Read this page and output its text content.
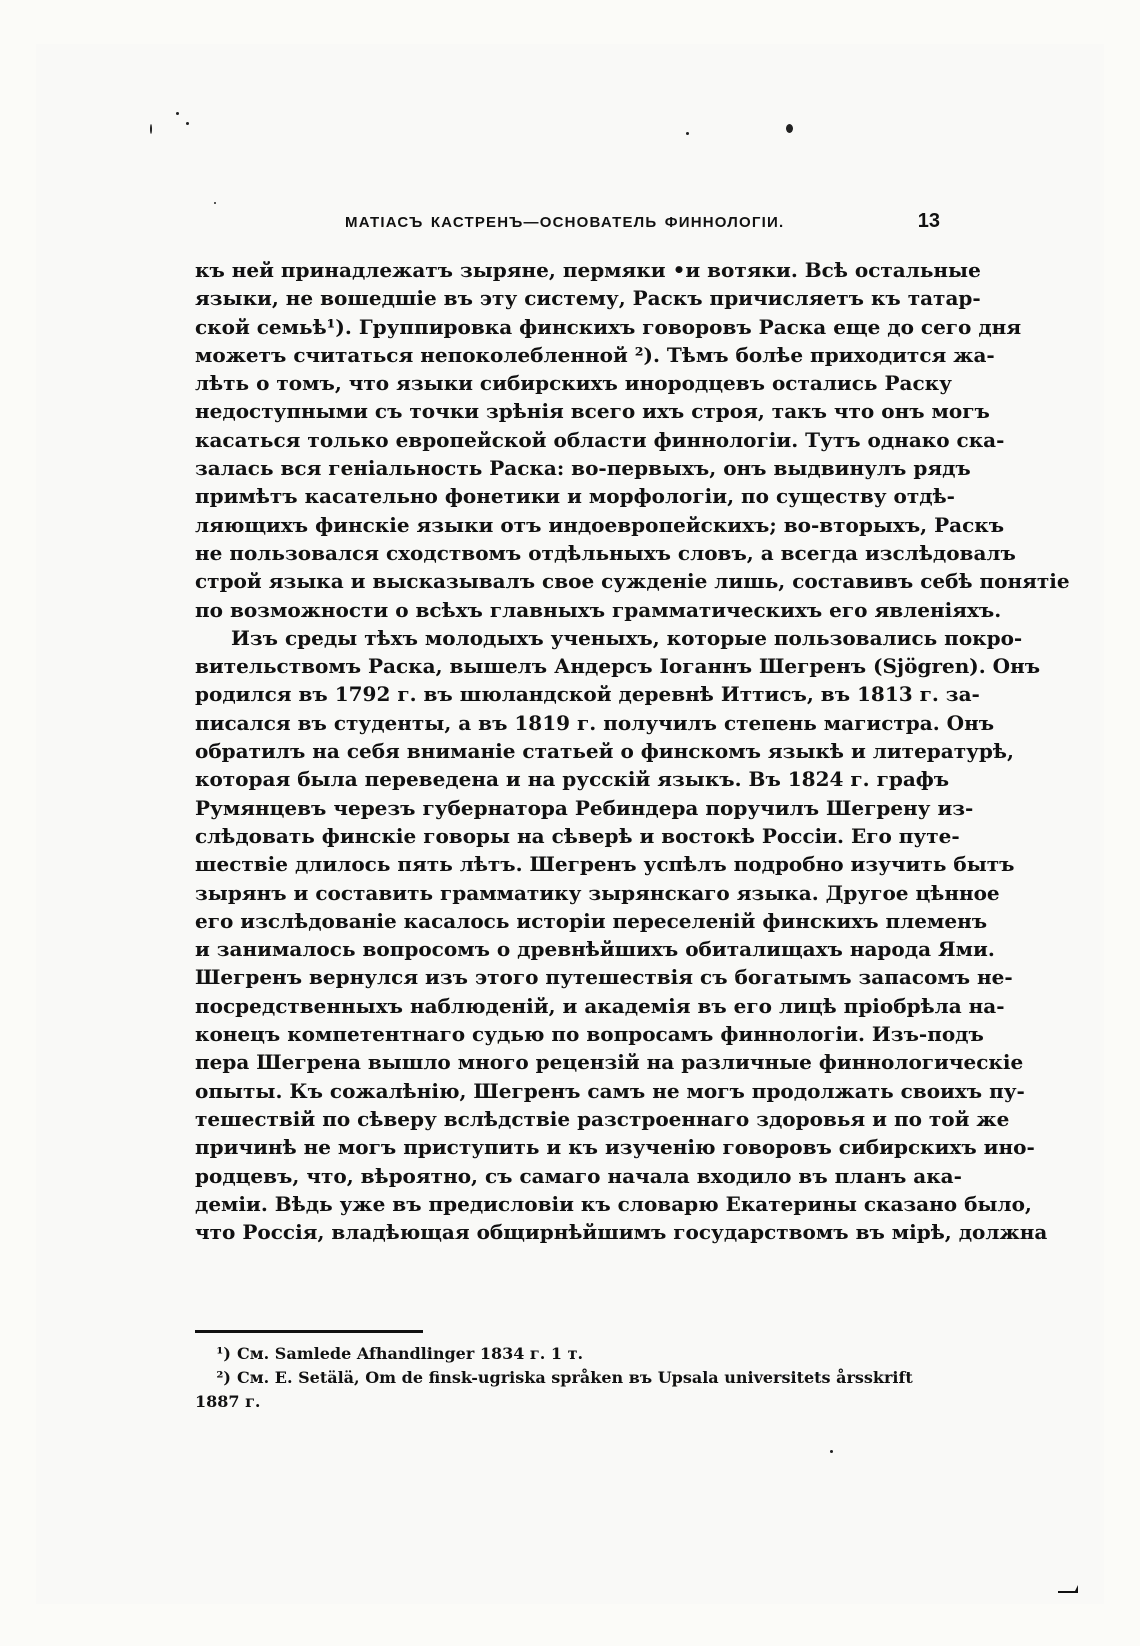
МАТІАСЪ КАСТРЕНЪ—ОСНОВАТЕЛЬ ФИННОЛОГІИ.	13

къ ней принадлежатъ зыряне, пермяки •и вотяки. Всѣ остальные

языки, не вошедшіе въ эту систему, Раскъ причисляетъ къ татар-

ской семьѣ¹). Группировка финскихъ говоровъ Раска еще до сего дня

можетъ считаться непоколебленной ²). Тѣмъ болѣе приходится жа-

лѣть о томъ, что языки сибирскихъ инородцевъ остались Раску

недоступными съ точки зрѣнія всего ихъ строя, такъ что онъ могъ

касаться только европейской области финнологіи. Тутъ однако ска-

залась вся геніальность Раска: во-первыхъ, онъ выдвинулъ рядъ

примѣтъ касательно фонетики и морфологіи, по существу отдѣ-

ляющихъ финскіе языки отъ индоевропейскихъ; во-вторыхъ, Раскъ

не пользовался сходствомъ отдѣльныхъ словъ, а всегда изслѣдовалъ

строй языка и высказывалъ свое сужденіе лишь, составивъ себѣ понятіе

по возможности о всѣхъ главныхъ грамматическихъ его явленіяхъ.

Изъ среды тѣхъ молодыхъ ученыхъ, которые пользовались покро-

вительствомъ Раска, вышелъ Андерсъ Іоганнъ Шегренъ (Sjögren). Онъ

родился въ 1792 г. въ шюландской деревнѣ Иттисъ, въ 1813 г. за-

писался въ студенты, а въ 1819 г. получилъ степень магистра. Онъ

обратилъ на себя вниманіе статьей о финскомъ языкѣ и литературѣ,

которая была переведена и на русскій языкъ. Въ 1824 г. графъ

Румянцевъ черезъ губернатора Ребиндера поручилъ Шегрену из-

слѣдовать финскіе говоры на сѣверѣ и востокѣ Россіи. Его путе-

шествіе длилось пять лѣтъ. Шегренъ успѣлъ подробно изучить бытъ

зырянъ и составить грамматику зырянскаго языка. Другое цѣнное

его изслѣдованіе касалось исторіи переселеній финскихъ племенъ

и занималось вопросомъ о древнѣйшихъ обиталищахъ народа Ями.

Шегренъ вернулся изъ этого путешествія съ богатымъ запасомъ не-

посредственныхъ наблюденій, и академія въ его лицѣ пріобрѣла на-

конецъ компетентнаго судью по вопросамъ финнологіи. Изъ-подъ

пера Шегрена вышло много рецензій на различные финнологическіе

опыты. Къ сожалѣнію, Шегренъ самъ не могъ продолжать своихъ пу-

тешествій по сѣверу вслѣдствіе разстроеннаго здоровья и по той же

причинѣ не могъ приступить и къ изученію говоровъ сибирскихъ ино-

родцевъ, что, вѣроятно, съ самаго начала входило въ планъ ака-

деміи. Вѣдь уже въ предисловіи къ словарю Екатерины сказано было,

что Россія, владѣющая общирнѣйшимъ государствомъ въ мірѣ, должна

¹) См. Samlede Afhandlinger 1834 г. 1 т.

²) См. E. Setälä, Om de finsk-ugriska språken въ Upsala universitets årsskrift

1887 г.
